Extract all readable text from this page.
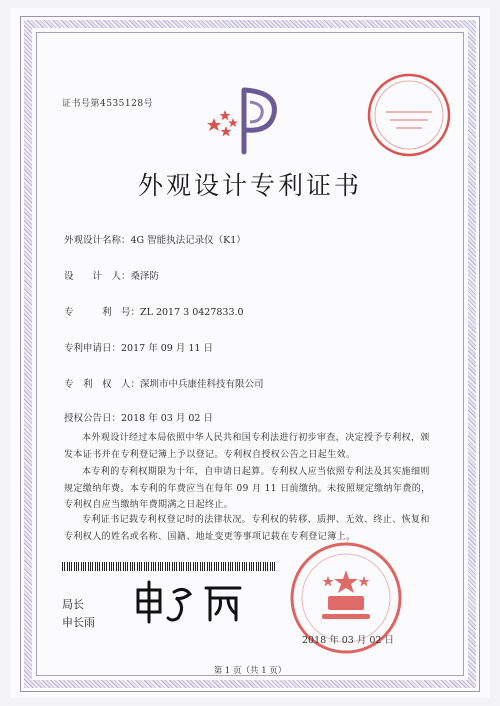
证书号第4535128号
外观设计专利证书
外观设计名称：4G 智能执法记录仪（K1）
设　　计　人：桑泽防
专　　　利　号：ZL 2017 3 0427833.0
专利申请日：2017 年 09 月 11 日
专　利　权　人：深圳市中兵康佳科技有限公司
授权公告日：2018 年 03 月 02 日
本外观设计经过本局依照中华人民共和国专利法进行初步审查，决定授予专利权，颁发本证书并在专利登记簿上予以登记。专利权自授权公告之日起生效。
本专利的专利权期限为十年，自申请日起算。专利权人应当依照专利法及其实施细则规定缴纳年费。本专利的年费应当在每年 09 月 11 日前缴纳。未按照规定缴纳年费的，专利权自应当缴纳年费期满之日起终止。
专利证书记载专利权登记时的法律状况。专利权的转移、质押、无效、终止、恢复和专利权人的姓名或名称、国籍、地址变更等事项记载在专利登记簿上。
局长
申长雨
2018 年 03 月 02 日
第 1 页（共 1 页）
